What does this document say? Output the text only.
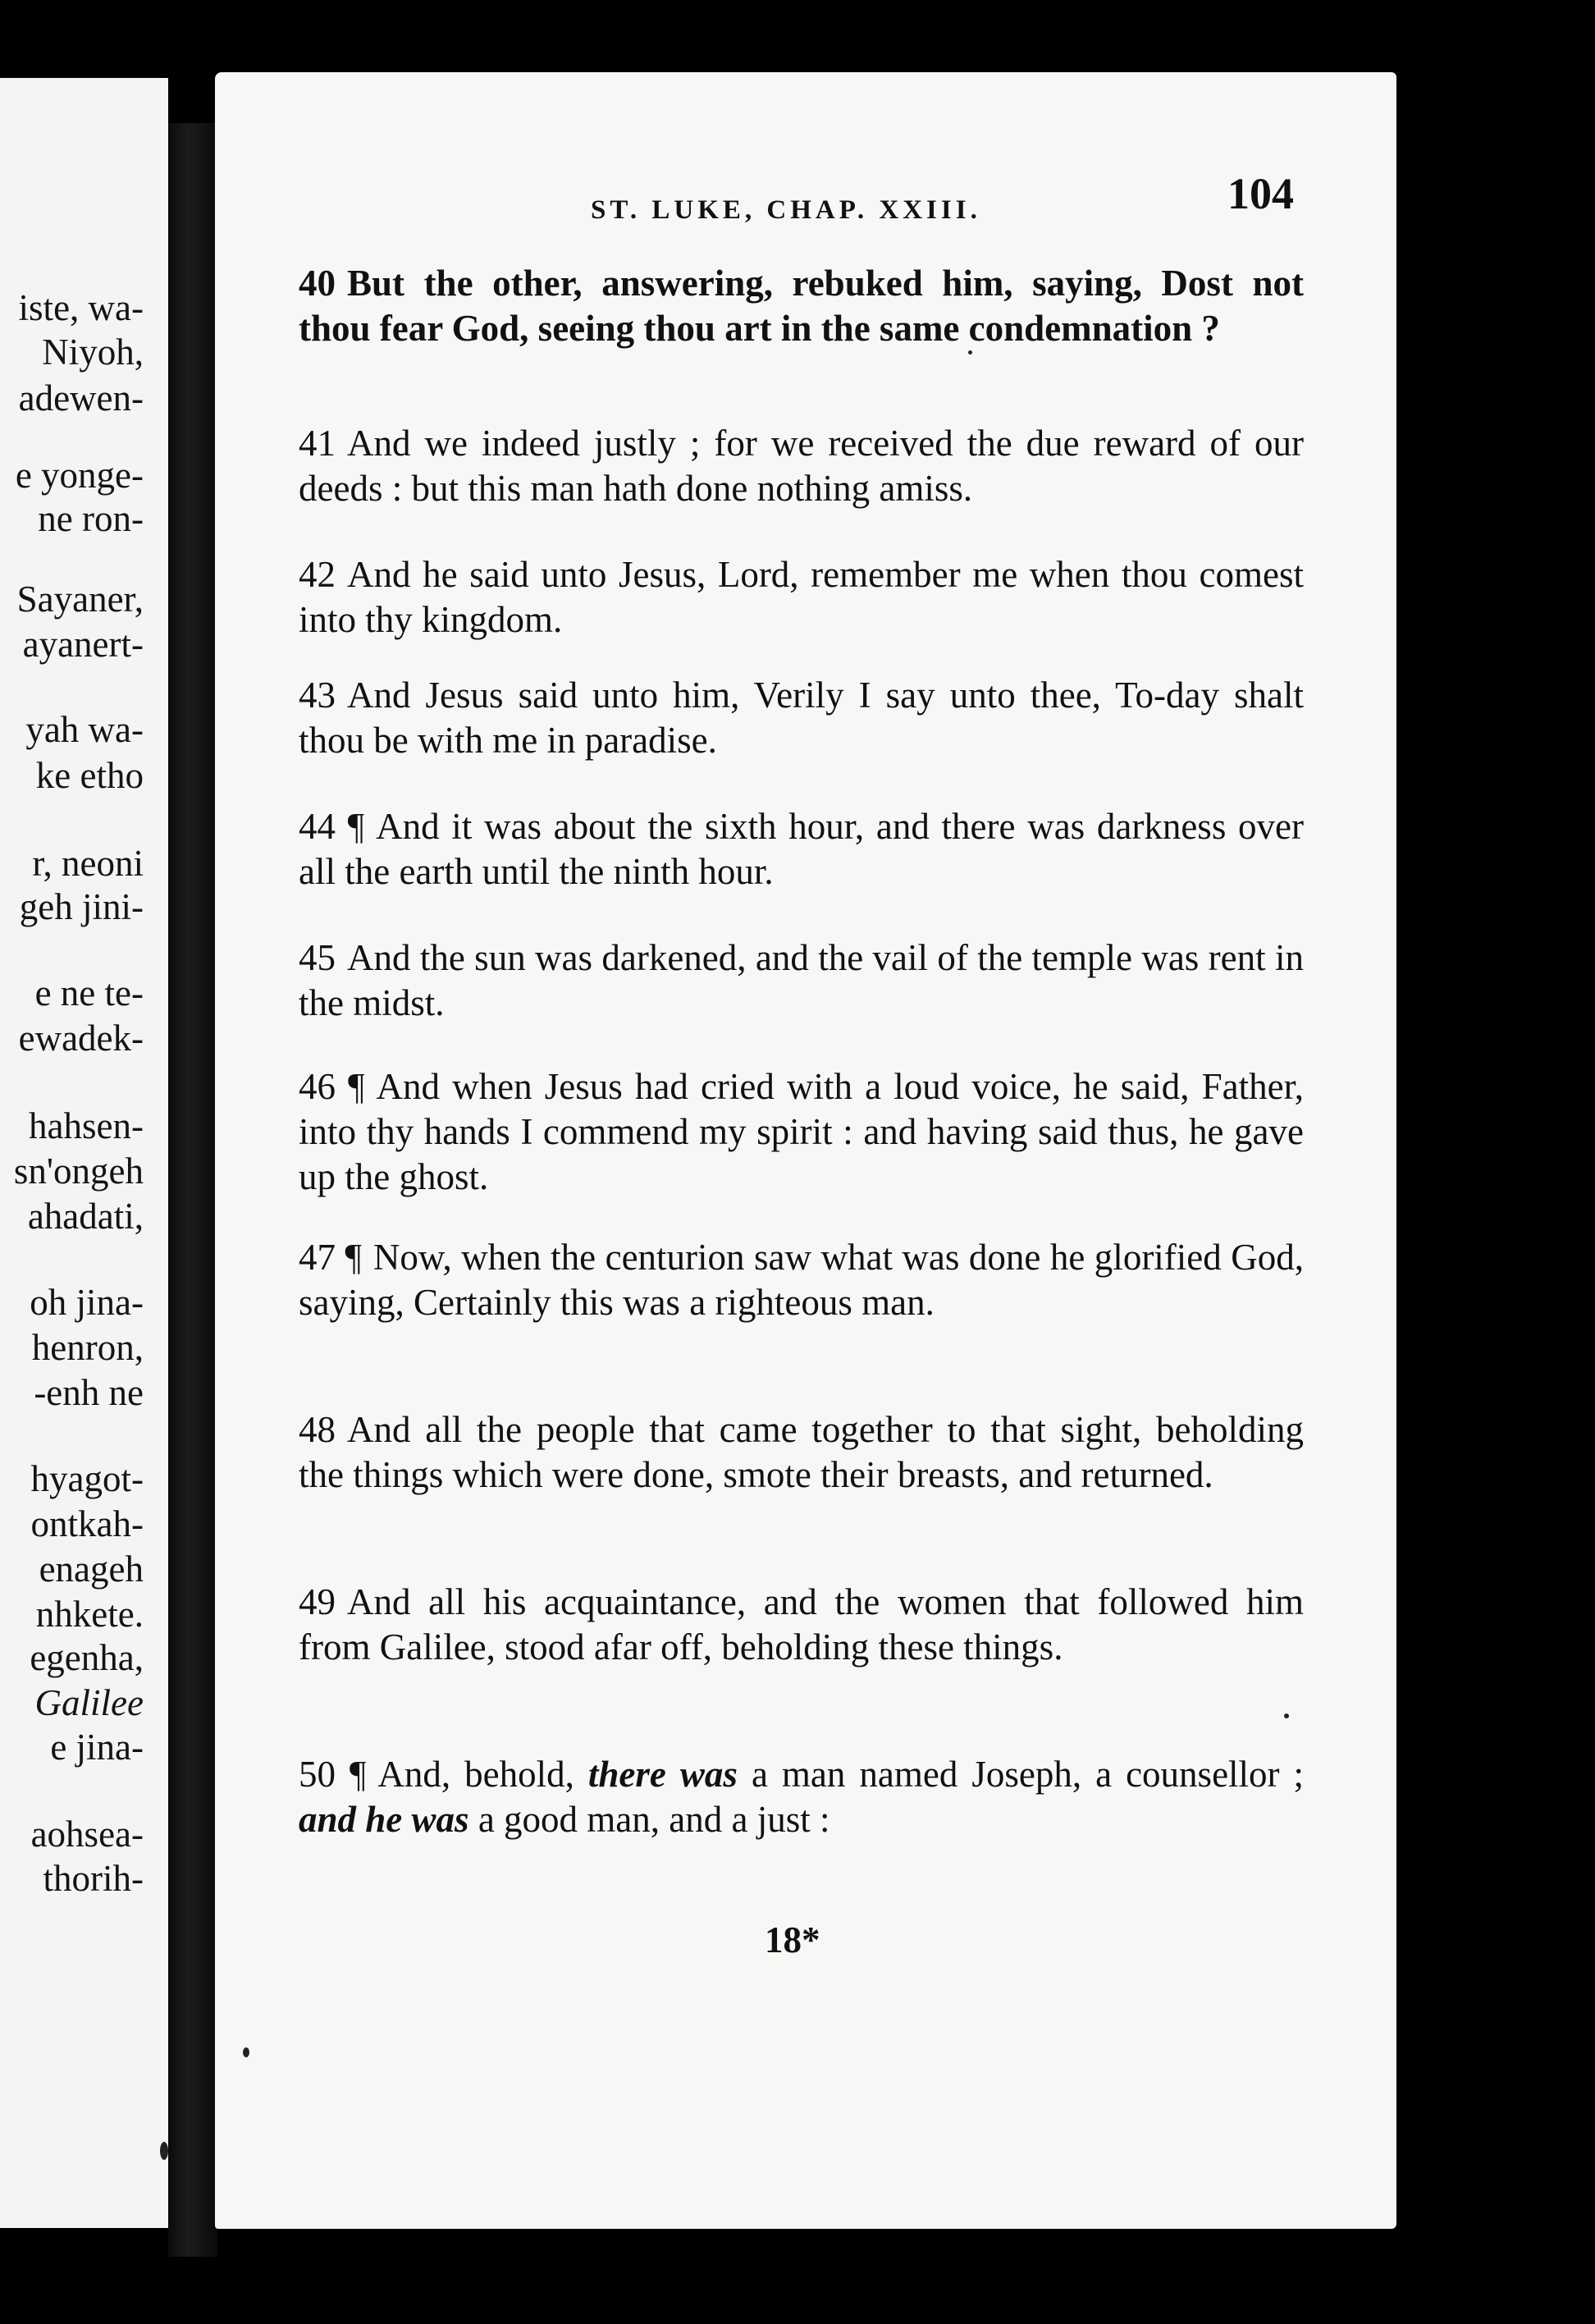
iste, wa-
Niyoh,
adewen-
e yonge-
ne ron-
Sayaner,
ayanert-
yah wa-
ke etho
r, neoni
geh jini-
e ne te-
ewadek-
hahsen-
sn'ongeh
ahadati,
oh jina-
henron,
-enh ne
hyagot-
ontkah-
enageh
nhkete.
egenha,
Galilee
e jina-
aohsea-
thorih-
ST. LUKE, CHAP. XXIII.	104
40 But the other, answering, rebuked him, saying, Dost not thou fear God, seeing thou art in the same condemnation ?
41 And we indeed justly ; for we received the due reward of our deeds : but this man hath done nothing amiss.
42 And he said unto Jesus, Lord, remember me when thou comest into thy kingdom.
43 And Jesus said unto him, Verily I say unto thee, To-day shalt thou be with me in paradise.
44 ¶ And it was about the sixth hour, and there was darkness over all the earth until the ninth hour.
45 And the sun was darkened, and the vail of the temple was rent in the midst.
46 ¶ And when Jesus had cried with a loud voice, he said, Father, into thy hands I commend my spirit : and having said thus, he gave up the ghost.
47 ¶ Now, when the centurion saw what was done he glorified God, saying, Certainly this was a righteous man.
48 And all the people that came together to that sight, beholding the things which were done, smote their breasts, and returned.
49 And all his acquaintance, and the women that followed him from Galilee, stood afar off, beholding these things.
50 ¶ And, behold, there was a man named Joseph, a counsellor ; and he was a good man, and a just :
18*
